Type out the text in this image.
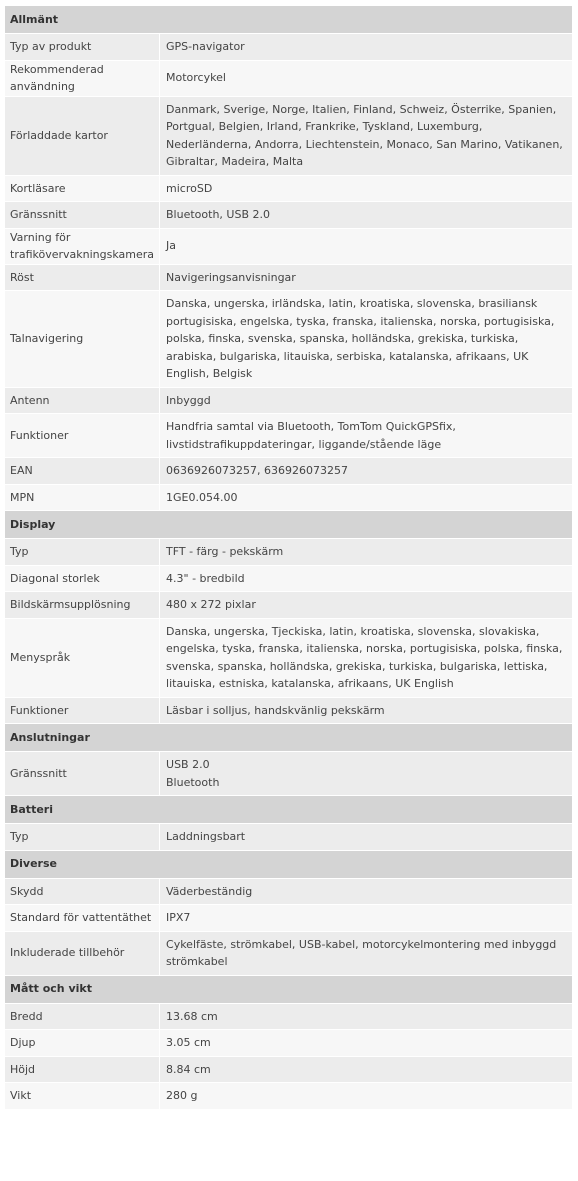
Allmänt	
Typ av produkt	GPS-navigator

Rekommenderad användning	Motorcykel

Förladdade kartor	Danmark, Sverige, Norge, Italien, Finland, Schweiz, Österrike, Spanien, Portgual, Belgien, Irland, Frankrike, Tyskland, Luxemburg, Nederländerna, Andorra, Liechtenstein, Monaco, San Marino, Vatikanen, Gibraltar, Madeira, Malta

Kortläsare	microSD

Gränssnitt	Bluetooth, USB 2.0

Varning för trafikövervakningskamera	Ja

Röst	Navigeringsanvisningar

Talnavigering	Danska, ungerska, irländska, latin, kroatiska, slovenska, brasiliansk portugisiska, engelska, tyska, franska, italienska, norska, portugisiska, polska, finska, svenska, spanska, holländska, grekiska, turkiska, arabiska, bulgariska, litauiska, serbiska, katalanska, afrikaans, UK English, Belgisk

Antenn	Inbyggd

Funktioner	Handfria samtal via Bluetooth, TomTom QuickGPSfix, livstidstrafikuppdateringar, liggande/stående läge

EAN	0636926073257, 636926073257

MPN	1GE0.054.00

Display	
Typ	TFT - färg - pekskärm

Diagonal storlek	4.3" - bredbild

Bildskärmsupplösning	480 x 272 pixlar

Menyspråk	Danska, ungerska, Tjeckiska, latin, kroatiska, slovenska, slovakiska, engelska, tyska, franska, italienska, norska, portugisiska, polska, finska, svenska, spanska, holländska, grekiska, turkiska, bulgariska, lettiska, litauiska, estniska, katalanska, afrikaans, UK English

Funktioner	Läsbar i solljus, handskvänlig pekskärm

Anslutningar	
Gränssnitt	USB 2.0
Bluetooth

Batteri	
Typ	Laddningsbart

Diverse	
Skydd	Väderbeständig

Standard för vattentäthet	IPX7

Inkluderade tillbehör	Cykelfäste, strömkabel, USB-kabel, motorcykelmontering med inbyggd strömkabel

Mått och vikt	
Bredd	13.68 cm

Djup	3.05 cm

Höjd	8.84 cm

Vikt	280 g
